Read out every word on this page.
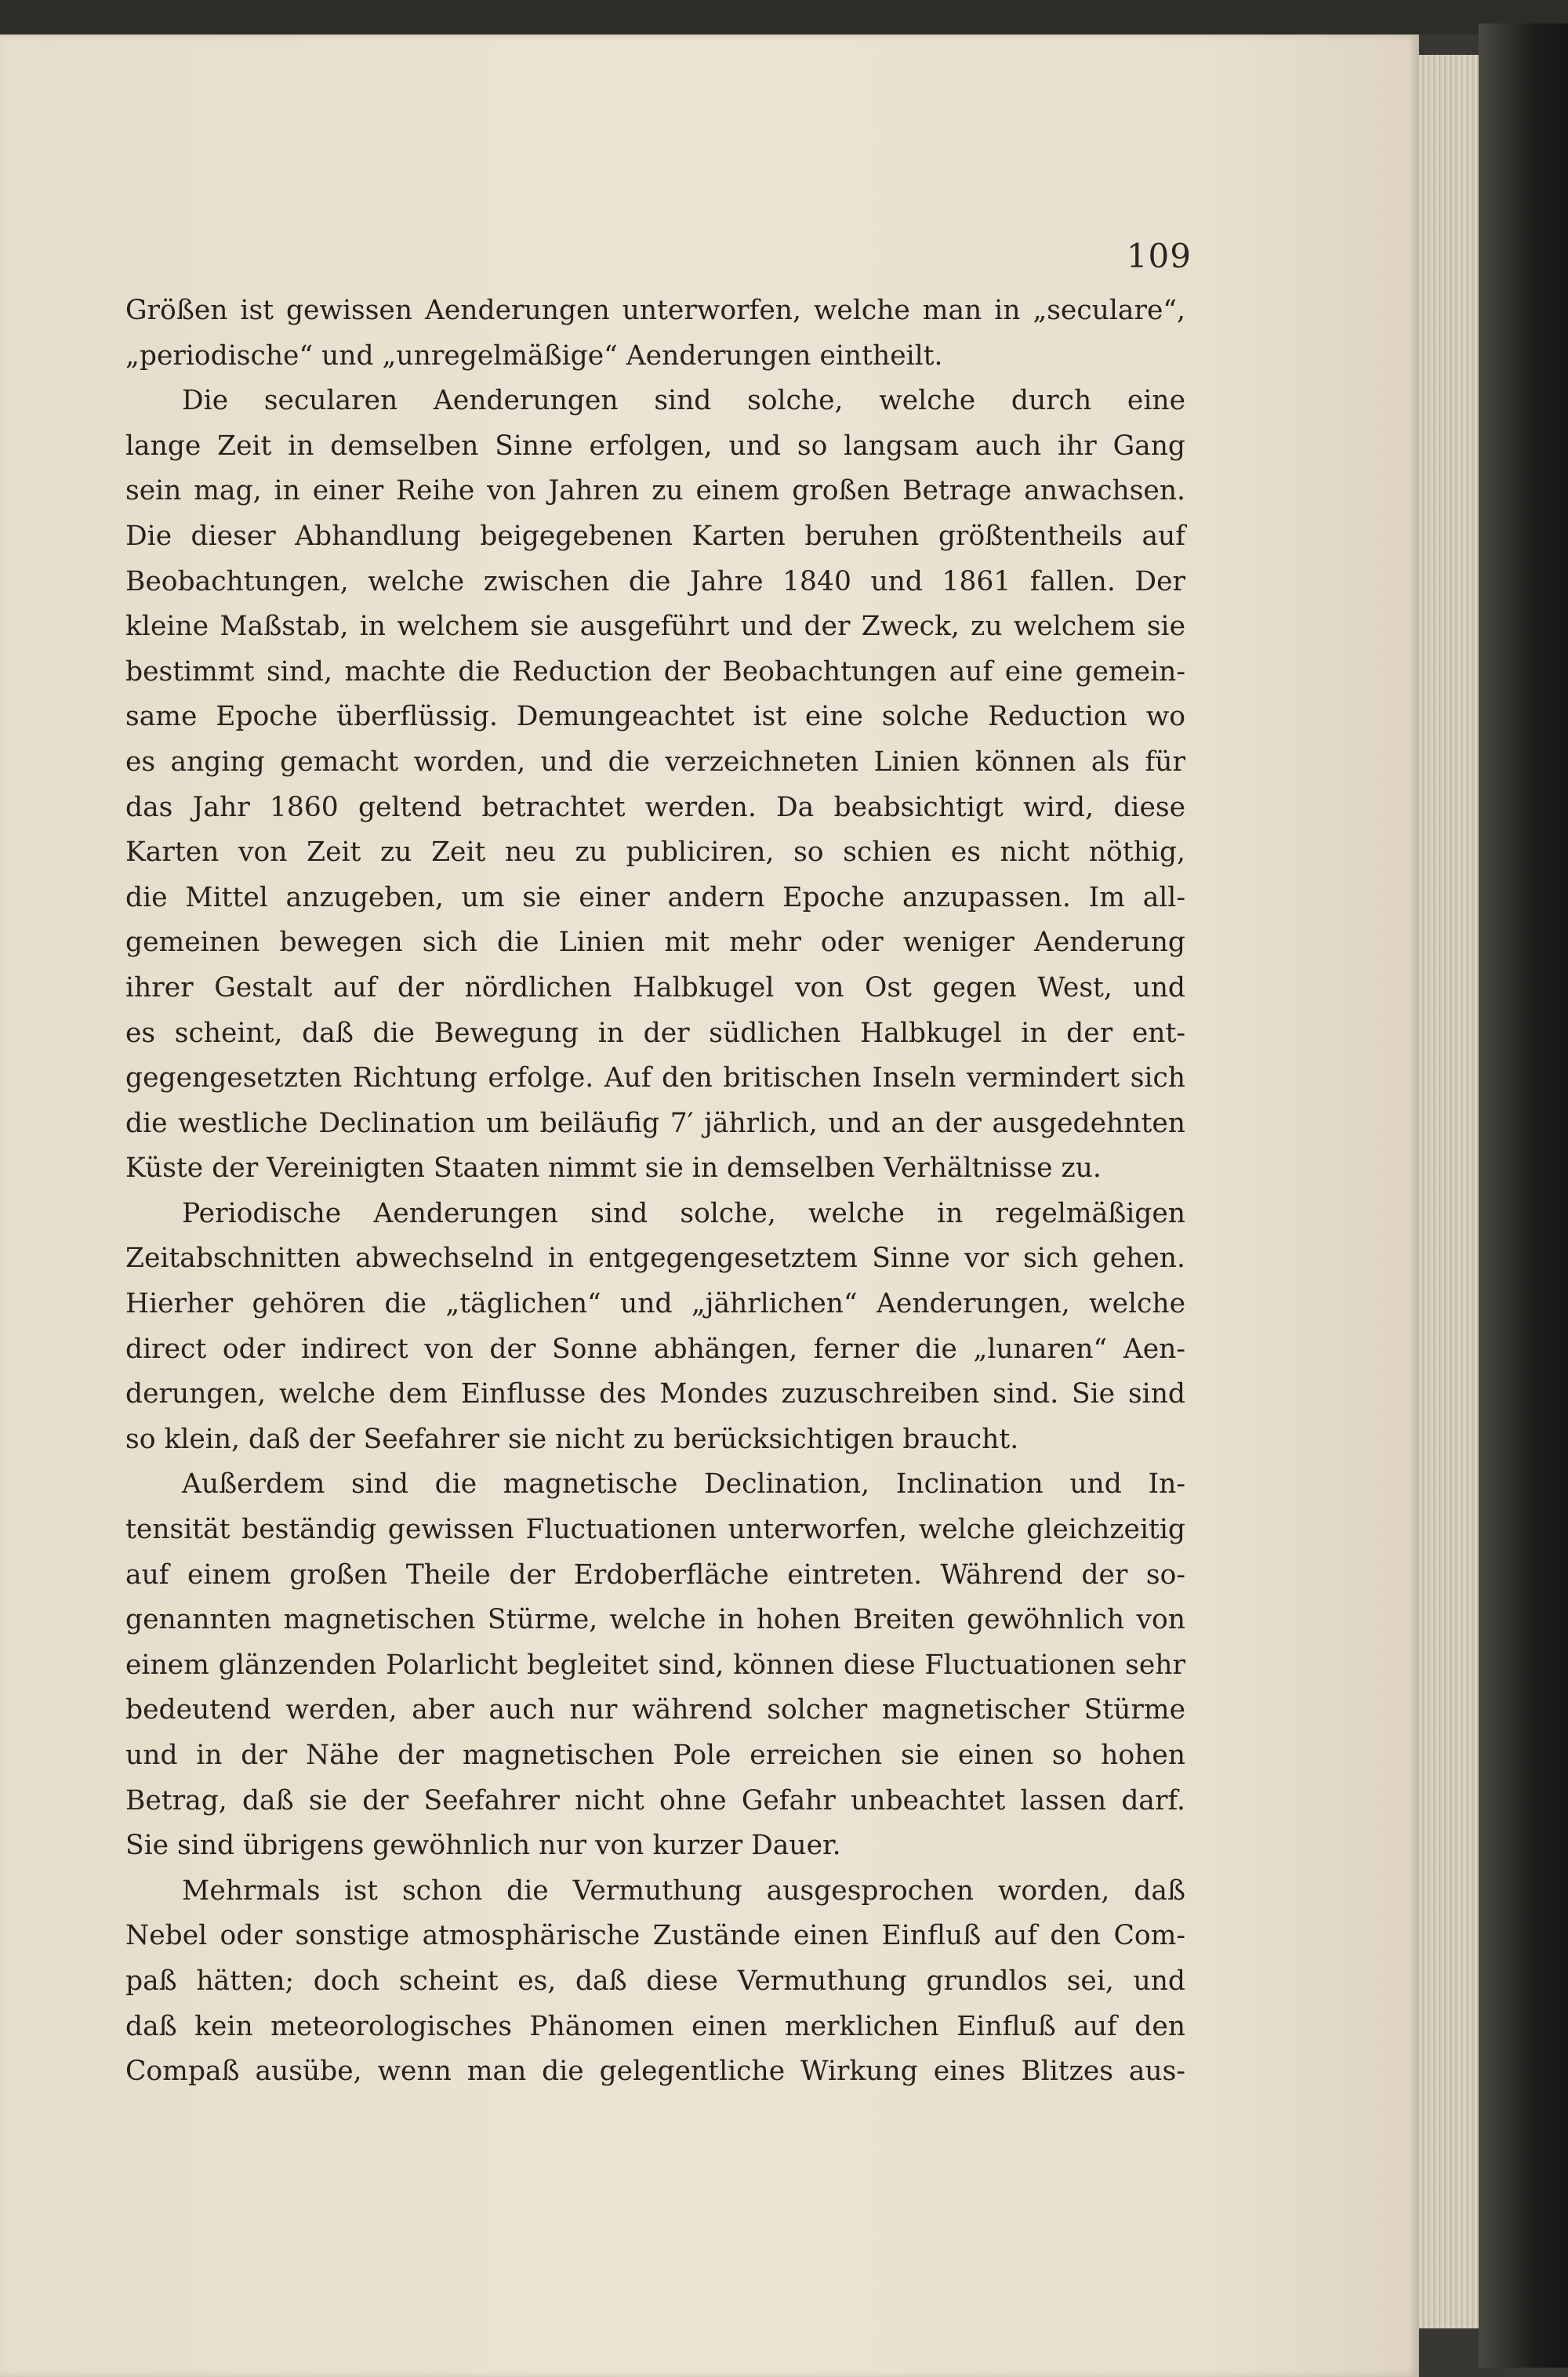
109

Größen ist gewissen Aenderungen unterworfen, welche man in „seculare“,
„periodische“ und „unregelmäßige“ Aenderungen eintheilt.

Die secularen Aenderungen sind solche, welche durch eine
lange Zeit in demselben Sinne erfolgen, und so langsam auch ihr Gang
sein mag, in einer Reihe von Jahren zu einem großen Betrage anwachsen.
Die dieser Abhandlung beigegebenen Karten beruhen größtentheils auf
Beobachtungen, welche zwischen die Jahre 1840 und 1861 fallen. Der
kleine Maßstab, in welchem sie ausgeführt und der Zweck, zu welchem sie
bestimmt sind, machte die Reduction der Beobachtungen auf eine gemein-
same Epoche überflüssig. Demungeachtet ist eine solche Reduction wo
es anging gemacht worden, und die verzeichneten Linien können als für
das Jahr 1860 geltend betrachtet werden. Da beabsichtigt wird, diese
Karten von Zeit zu Zeit neu zu publiciren, so schien es nicht nöthig,
die Mittel anzugeben, um sie einer andern Epoche anzupassen. Im all-
gemeinen bewegen sich die Linien mit mehr oder weniger Aenderung
ihrer Gestalt auf der nördlichen Halbkugel von Ost gegen West, und
es scheint, daß die Bewegung in der südlichen Halbkugel in der ent-
gegengesetzten Richtung erfolge. Auf den britischen Inseln vermindert sich
die westliche Declination um beiläufig 7′ jährlich, und an der ausgedehnten
Küste der Vereinigten Staaten nimmt sie in demselben Verhältnisse zu.

Periodische Aenderungen sind solche, welche in regelmäßigen
Zeitabschnitten abwechselnd in entgegengesetztem Sinne vor sich gehen.
Hierher gehören die „täglichen“ und „jährlichen“ Aenderungen, welche
direct oder indirect von der Sonne abhängen, ferner die „lunaren“ Aen-
derungen, welche dem Einflusse des Mondes zuzuschreiben sind. Sie sind
so klein, daß der Seefahrer sie nicht zu berücksichtigen braucht.

Außerdem sind die magnetische Declination, Inclination und In-
tensität beständig gewissen Fluctuationen unterworfen, welche gleichzeitig
auf einem großen Theile der Erdoberfläche eintreten. Während der so-
genannten magnetischen Stürme, welche in hohen Breiten gewöhnlich von
einem glänzenden Polarlicht begleitet sind, können diese Fluctuationen sehr
bedeutend werden, aber auch nur während solcher magnetischer Stürme
und in der Nähe der magnetischen Pole erreichen sie einen so hohen
Betrag, daß sie der Seefahrer nicht ohne Gefahr unbeachtet lassen darf.
Sie sind übrigens gewöhnlich nur von kurzer Dauer.

Mehrmals ist schon die Vermuthung ausgesprochen worden, daß
Nebel oder sonstige atmosphärische Zustände einen Einfluß auf den Com-
paß hätten; doch scheint es, daß diese Vermuthung grundlos sei, und
daß kein meteorologisches Phänomen einen merklichen Einfluß auf den
Compaß ausübe, wenn man die gelegentliche Wirkung eines Blitzes aus-
